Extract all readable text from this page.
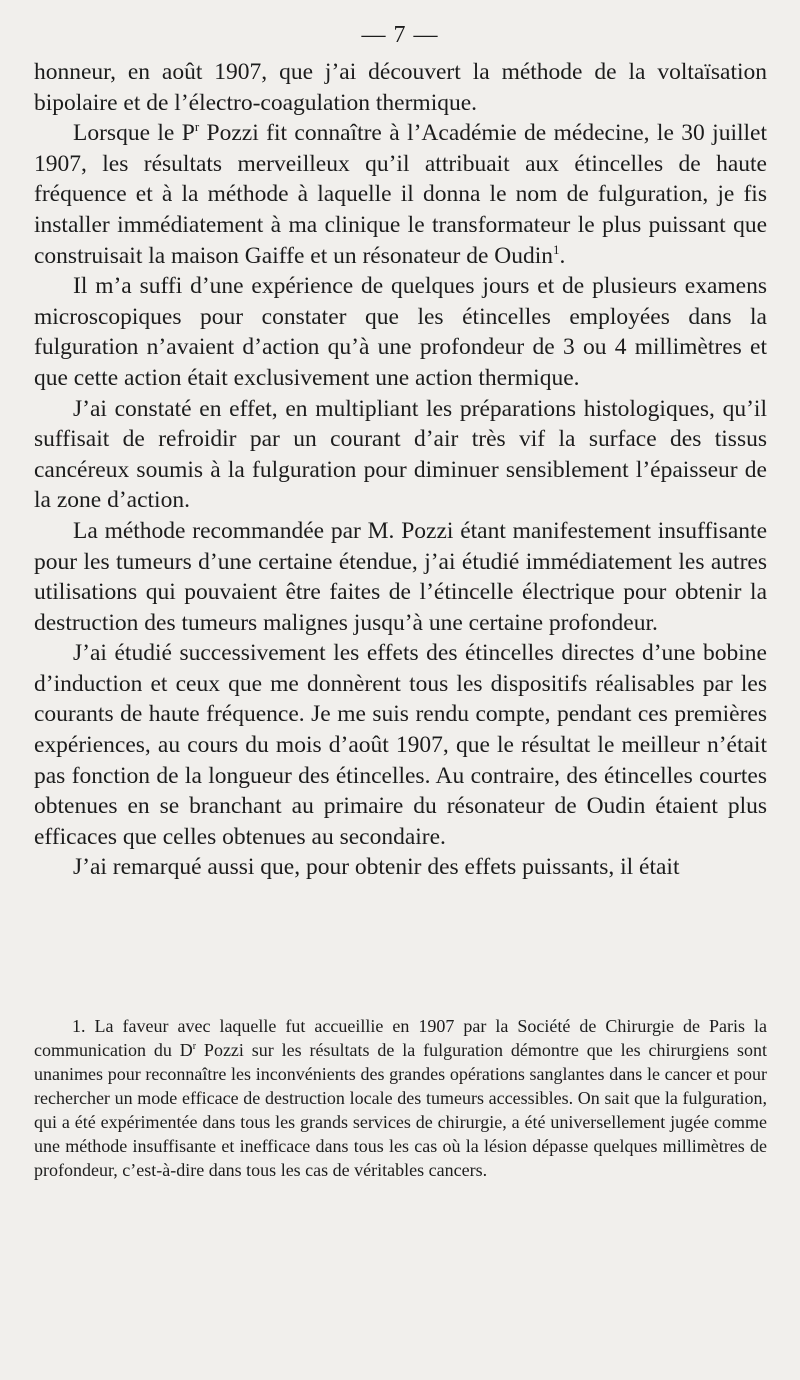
— 7 —

honneur, en août 1907, que j’ai découvert la méthode de la voltaïsation bipolaire et de l’électro-coagulation thermique.

Lorsque le $P^r$ Pozzi fit connaître à l’Académie de médecine, le 30 juillet 1907, les résultats merveilleux qu’il attribuait aux étincelles de haute fréquence et à la méthode à laquelle il donna le nom de fulguration, je fis installer immédiatement à ma clinique le transformateur le plus puissant que construisait la maison Gaiffe et un résonateur de Oudin$^1$.

Il m’a suffi d’une expérience de quelques jours et de plusieurs examens microscopiques pour constater que les étincelles employées dans la fulguration n’avaient d’action qu’à une profondeur de 3 ou 4 millimètres et que cette action était exclusivement une action thermique.

J’ai constaté en effet, en multipliant les préparations histologiques, qu’il suffisait de refroidir par un courant d’air très vif la surface des tissus cancéreux soumis à la fulguration pour diminuer sensiblement l’épaisseur de la zone d’action.

La méthode recommandée par M. Pozzi étant manifestement insuffisante pour les tumeurs d’une certaine étendue, j’ai étudié immédiatement les autres utilisations qui pouvaient être faites de l’étincelle électrique pour obtenir la destruction des tumeurs malignes jusqu’à une certaine profondeur.

J’ai étudié successivement les effets des étincelles directes d’une bobine d’induction et ceux que me donnèrent tous les dispositifs réalisables par les courants de haute fréquence. Je me suis rendu compte, pendant ces premières expériences, au cours du mois d’août 1907, que le résultat le meilleur n’était pas fonction de la longueur des étincelles. Au contraire, des étincelles courtes obtenues en se branchant au primaire du résonateur de Oudin étaient plus efficaces que celles obtenues au secondaire.

J’ai remarqué aussi que, pour obtenir des effets puissants, il était

1. La faveur avec laquelle fut accueillie en 1907 par la Société de Chirurgie de Paris la communication du D$^r$ Pozzi sur les résultats de la fulguration démontre que les chirurgiens sont unanimes pour reconnaître les inconvénients des grandes opérations sanglantes dans le cancer et pour rechercher un mode efficace de destruction locale des tumeurs accessibles. On sait que la fulguration, qui a été expérimentée dans tous les grands services de chirurgie, a été universellement jugée comme une méthode insuffisante et inefficace dans tous les cas où la lésion dépasse quelques millimètres de profondeur, c’est-à-dire dans tous les cas de véritables cancers.
